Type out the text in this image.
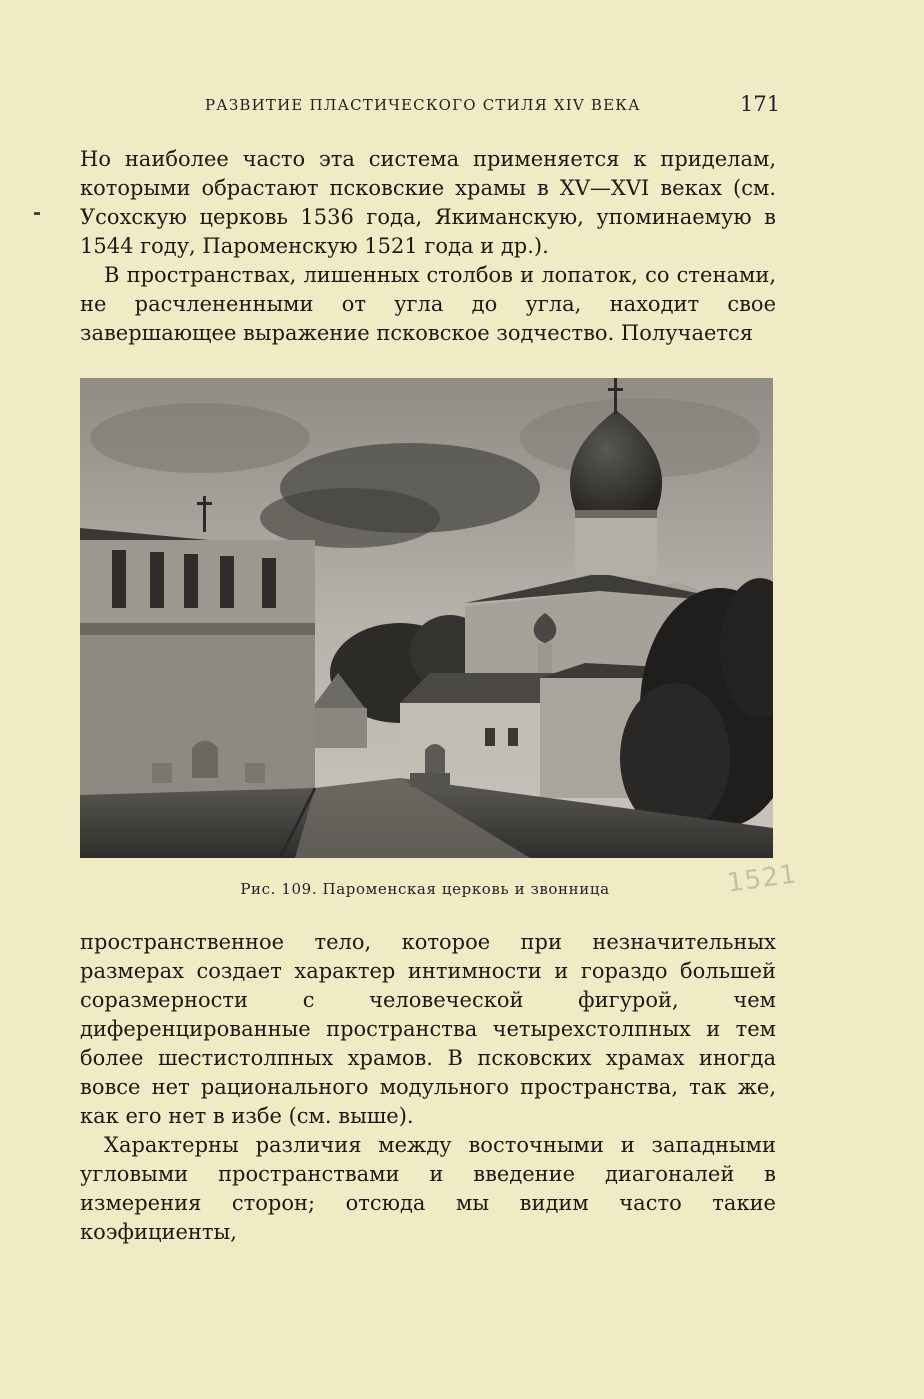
РАЗВИТИЕ ПЛАСТИЧЕСКОГО СТИЛЯ XIV ВЕКА	171

Но наиболее часто эта система применяется к приделам, которыми обрастают псковские храмы в XV—XVI веках (см. Усохскую церковь 1536 года, Якиманскую, упоминаемую в 1544 году, Пароменскую 1521 года и др.).

В пространствах, лишенных столбов и лопаток, со стенами, не расчлененными от угла до угла, находит свое завершающее выражение псковское зодчество. Получается

Рис. 109. Пароменская церковь и звонница	1521

пространственное тело, которое при незначительных размерах создает характер интимности и гораздо большей соразмерности с человеческой фигурой, чем диференцированные пространства четырехстолпных и тем более шестистолпных храмов. В псковских храмах иногда вовсе нет рационального модульного пространства, так же, как его нет в избе (см. выше).

Характерны различия между восточными и западными угловыми пространствами и введение диагоналей в измерения сторон; отсюда мы видим часто такие коэфициенты,
